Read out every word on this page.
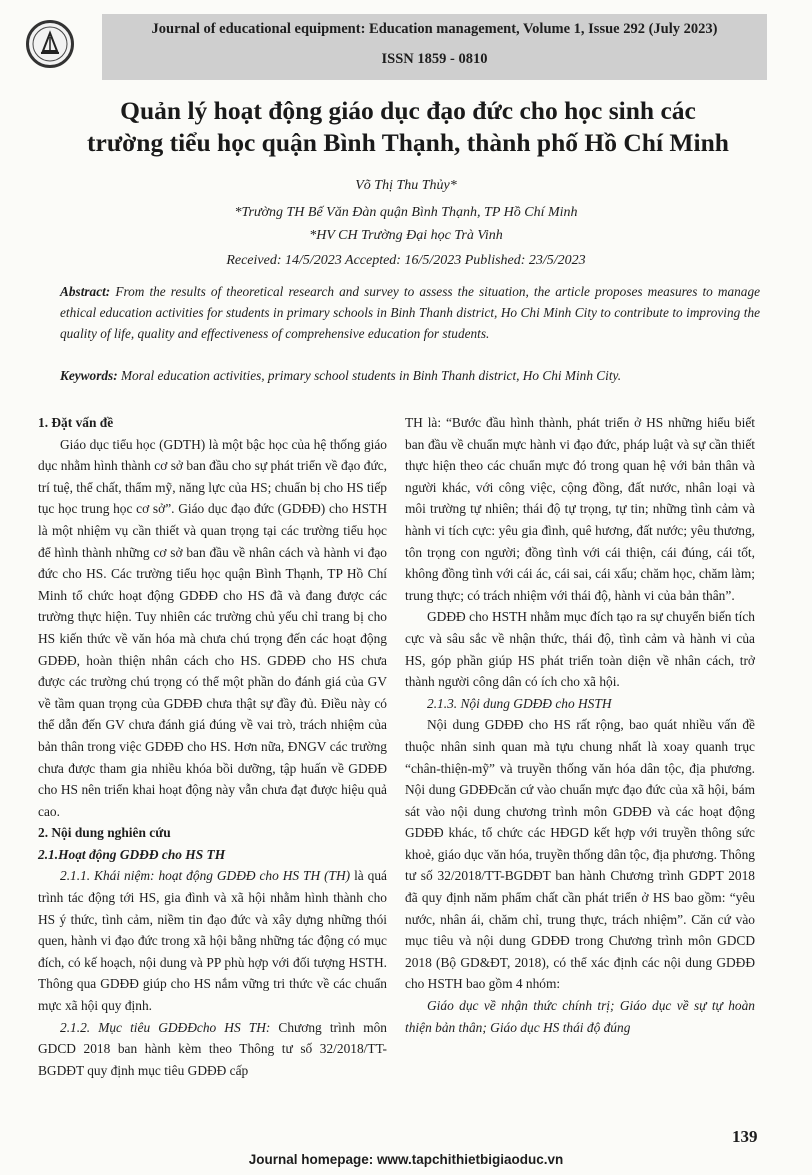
Journal of educational equipment: Education management, Volume 1, Issue 292 (July 2023)
ISSN 1859 - 0810
Quản lý hoạt động giáo dục đạo đức cho học sinh các
trường tiểu học quận Bình Thạnh, thành phố Hồ Chí Minh
Võ Thị Thu Thủy*
*Trường TH Bế Văn Đàn quận Bình Thạnh, TP Hồ Chí Minh
*HV CH Trường Đại học Trà Vinh
Received: 14/5/2023 Accepted: 16/5/2023 Published: 23/5/2023
Abstract: From the results of theoretical research and survey to assess the situation, the article proposes measures to manage ethical education activities for students in primary schools in Binh Thanh district, Ho Chi Minh City to contribute to improving the quality of life, quality and effectiveness of comprehensive education for students.
Keywords: Moral education activities, primary school students in Binh Thanh district, Ho Chi Minh City.

1. Đặt vấn đề

Giáo dục tiểu học (GDTH) là một bậc học của hệ thống giáo dục nhằm hình thành cơ sở ban đầu cho sự phát triển về đạo đức, trí tuệ, thể chất, thẩm mỹ, năng lực của HS; chuẩn bị cho HS tiếp tục học trung học cơ sở”. Giáo dục đạo đức (GDĐĐ) cho HSTH là một nhiệm vụ cần thiết và quan trọng tại các trường tiểu học để hình thành những cơ sở ban đầu về nhân cách và hành vi đạo đức cho HS. Các trường tiểu học quận Bình Thạnh, TP Hồ Chí Minh tổ chức hoạt động GDĐĐ cho HS đã và đang được các trường thực hiện. Tuy nhiên các trường chủ yếu chỉ trang bị cho HS kiến thức về văn hóa mà chưa chú trọng đến các hoạt động GDĐĐ, hoàn thiện nhân cách cho HS. GDĐĐ cho HS chưa được các trường chú trọng có thể một phần do đánh giá của GV về tầm quan trọng của GDĐĐ chưa thật sự đầy đủ. Điều này có thể dẫn đến GV chưa đánh giá đúng về vai trò, trách nhiệm của bản thân trong việc GDĐĐ cho HS. Hơn nữa, ĐNGV các trường chưa được tham gia nhiều khóa bồi dưỡng, tập huấn về GDĐĐ cho HS nên triển khai hoạt động này vẫn chưa đạt được hiệu quả cao.

2. Nội dung nghiên cứu

2.1.Hoạt động GDĐĐ cho HS TH

2.1.1. Khái niệm: hoạt động GDĐĐ cho HS TH (TH) là quá trình tác động tới HS, gia đình và xã hội nhằm hình thành cho HS ý thức, tình cảm, niềm tin đạo đức và xây dựng những thói quen, hành vi đạo đức trong xã hội bằng những tác động có mục đích, có kế hoạch, nội dung và PP phù hợp với đối tượng HSTH. Thông qua GDĐĐ giúp cho HS nắm vững tri thức về các chuẩn mực xã hội quy định.

2.1.2. Mục tiêu GDĐĐcho HS TH: Chương trình môn GDCD 2018 ban hành kèm theo Thông tư số 32/2018/TT-BGDĐT quy định mục tiêu GDĐĐ cấp

TH là: “Bước đầu hình thành, phát triển ở HS những hiểu biết ban đầu về chuẩn mực hành vi đạo đức, pháp luật và sự cần thiết thực hiện theo các chuẩn mực đó trong quan hệ với bản thân và người khác, với công việc, cộng đồng, đất nước, nhân loại và môi trường tự nhiên; thái độ tự trọng, tự tin; những tình cảm và hành vi tích cực: yêu gia đình, quê hương, đất nước; yêu thương, tôn trọng con người; đồng tình với cái thiện, cái đúng, cái tốt, không đồng tình với cái ác, cái sai, cái xấu; chăm học, chăm làm; trung thực; có trách nhiệm với thái độ, hành vi của bản thân”.

GDĐĐ cho HSTH nhằm mục đích tạo ra sự chuyển biến tích cực và sâu sắc về nhận thức, thái độ, tình cảm và hành vi của HS, góp phần giúp HS phát triển toàn diện về nhân cách, trở thành người công dân có ích cho xã hội.

2.1.3. Nội dung GDĐĐ cho HSTH

Nội dung GDĐĐ cho HS rất rộng, bao quát nhiều vấn đề thuộc nhân sinh quan mà tựu chung nhất là xoay quanh trục “chân-thiện-mỹ” và truyền thống văn hóa dân tộc, địa phương. Nội dung GDĐĐcăn cứ vào chuẩn mực đạo đức của xã hội, bám sát vào nội dung chương trình môn GDĐĐ và các hoạt động GDĐĐ khác, tổ chức các HĐGD kết hợp với truyền thông sức khoẻ, giáo dục văn hóa, truyền thống dân tộc, địa phương. Thông tư số 32/2018/TT-BGDĐT ban hành Chương trình GDPT 2018 đã quy định năm phẩm chất cần phát triển ở HS bao gồm: “yêu nước, nhân ái, chăm chỉ, trung thực, trách nhiệm”. Căn cứ vào mục tiêu và nội dung GDĐĐ trong Chương trình môn GDCD 2018 (Bộ GD&ĐT, 2018), có thể xác định các nội dung GDĐĐ cho HSTH bao gồm 4 nhóm:

Giáo dục về nhận thức chính trị; Giáo dục về sự tự hoàn thiện bản thân; Giáo dục HS thái độ đúng

139
Journal homepage: www.tapchithietbigiaoduc.vn
